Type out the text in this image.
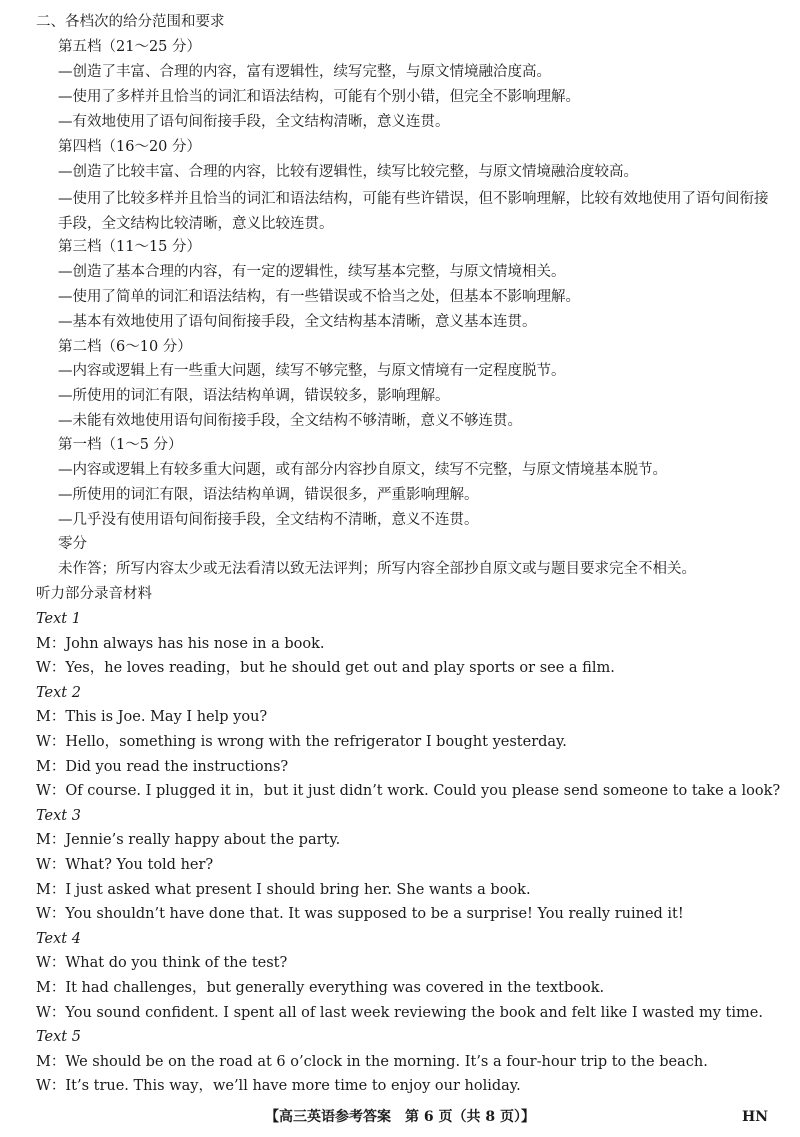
二、各档次的给分范围和要求
第五档（21～25 分）
—创造了丰富、合理的内容，富有逻辑性，续写完整，与原文情境融洽度高。
—使用了多样并且恰当的词汇和语法结构，可能有个别小错，但完全不影响理解。
—有效地使用了语句间衔接手段，全文结构清晰，意义连贯。
第四档（16～20 分）
—创造了比较丰富、合理的内容，比较有逻辑性，续写比较完整，与原文情境融洽度较高。
—使用了比较多样并且恰当的词汇和语法结构，可能有些许错误，但不影响理解，比较有效地使用了语句间衔接手段，全文结构比较清晰，意义比较连贯。
第三档（11～15 分）
—创造了基本合理的内容，有一定的逻辑性，续写基本完整，与原文情境相关。
—使用了简单的词汇和语法结构，有一些错误或不恰当之处，但基本不影响理解。
—基本有效地使用了语句间衔接手段，全文结构基本清晰，意义基本连贯。
第二档（6～10 分）
—内容或逻辑上有一些重大问题，续写不够完整，与原文情境有一定程度脱节。
—所使用的词汇有限，语法结构单调，错误较多，影响理解。
—未能有效地使用语句间衔接手段，全文结构不够清晰，意义不够连贯。
第一档（1～5 分）
—内容或逻辑上有较多重大问题，或有部分内容抄自原文，续写不完整，与原文情境基本脱节。
—所使用的词汇有限，语法结构单调，错误很多，严重影响理解。
—几乎没有使用语句间衔接手段，全文结构不清晰，意义不连贯。
零分
未作答；所写内容太少或无法看清以致无法评判；所写内容全部抄自原文或与题目要求完全不相关。
听力部分录音材料
Text 1
M：John always has his nose in a book.
W：Yes，he loves reading，but he should get out and play sports or see a film.
Text 2
M：This is Joe. May I help you?
W：Hello，something is wrong with the refrigerator I bought yesterday.
M：Did you read the instructions?
W：Of course. I plugged it in，but it just didn’t work. Could you please send someone to take a look?
Text 3
M：Jennie’s really happy about the party.
W：What? You told her?
M：I just asked what present I should bring her. She wants a book.
W：You shouldn’t have done that. It was supposed to be a surprise! You really ruined it!
Text 4
W：What do you think of the test?
M：It had challenges，but generally everything was covered in the textbook.
W：You sound confident. I spent all of last week reviewing the book and felt like I wasted my time.
Text 5
M：We should be on the road at 6 o’clock in the morning. It’s a four-hour trip to the beach.
W：It’s true. This way，we’ll have more time to enjoy our holiday.
【高三英语参考答案　第 6 页（共 8 页）】	HN
